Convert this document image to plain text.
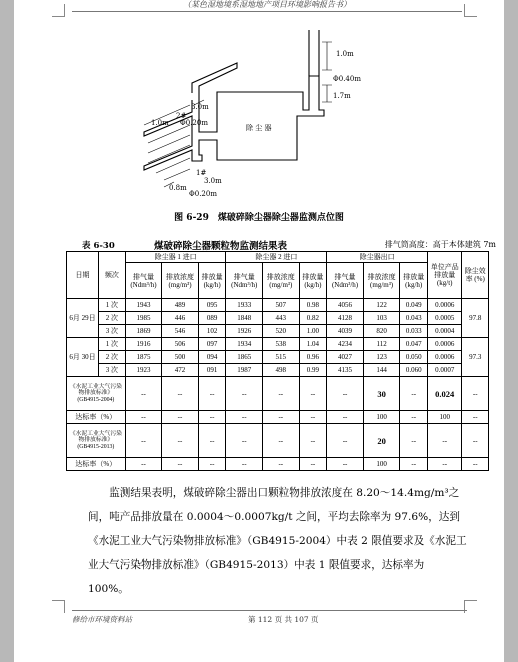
（某色湿地境系湿地地产项目环境影响报告书）
1.0m
Φ0.40m
1.7m
除 尘 器
3.0m
2#
Φ0.20m
1.0m
1#
0.8m
3.0m
Φ0.20m
图 6-29　煤破碎除尘器除尘器监测点位图
表 6-30	煤破碎除尘器颗粒物监测结果表	排气筒高度：高于本体建筑 7m
日期	频次	除尘器 1 进口			除尘器 2 进口			除尘器出口			单位产品排放量(kg/t)	除尘效率 (%)
		排气量 (Ndm³/h)	排放浓度 (mg/m³)	排放量 (kg/h)	排气量 (Ndm³/h)	排放浓度 (mg/m³)	排放量 (kg/h)	排气量 (Ndm³/h)	排放浓度 (mg/m³)	排放量 (kg/h)		
6月 29日	1 次	1943	489	095	1933	507	0.98	4056	122	0.049	0.0006	97.8
	2 次	1985	446	089	1848	443	0.82	4128	103	0.043	0.0005	
	3 次	1869	546	102	1926	520	1.00	4039	820	0.033	0.0004	
6月 30日	1 次	1916	506	097	1934	538	1.04	4234	112	0.047	0.0006	97.3
	2 次	1875	500	094	1865	515	0.96	4027	123	0.050	0.0006	
	3 次	1923	472	091	1987	498	0.99	4135	144	0.060	0.0007	
《水泥工业大气污染物排放标准》(GB4915-2004)		--	--	--	--	--	--	--	30	--	0.024	--
达标率（%）		--	--	--	--	--	--	--	100	--	100	--
《水泥工业大气污染物排放标准》(GB4915-2013)		--	--	--	--	--	--	--	20	--	--	--
达标率（%）		--	--	--	--	--	--	--	100	--	--	--
监测结果表明，煤破碎除尘器出口颗粒物排放浓度在 8.20～14.4mg/m³之间，吨产品排放量在 0.0004～0.0007kg/t 之间，平均去除率为 97.6%，达到《水泥工业大气污染物排放标准》（GB4915-2004）中表 2 限值要求及《水泥工业大气污染物排放标准》（GB4915-2013）中表 1 限值要求，达标率为 100%。
修给市环境资料站	第 112 页 共 107 页
